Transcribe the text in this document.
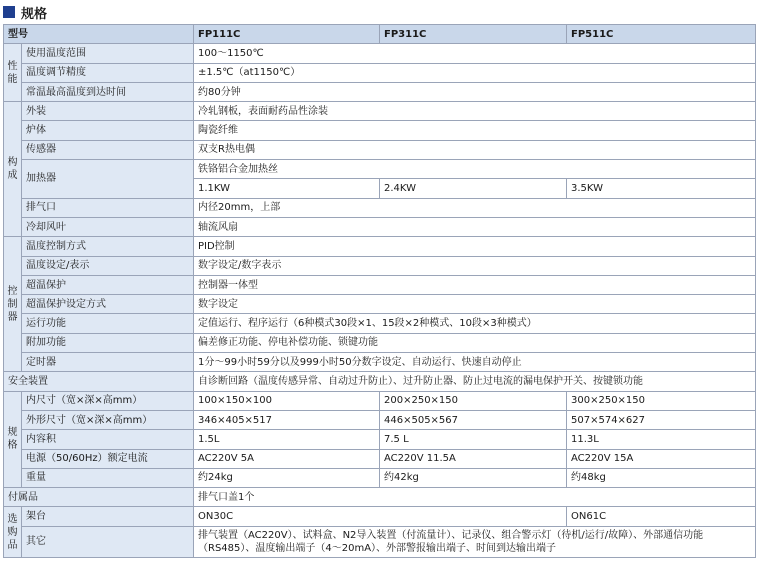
规格
型号		FP111C	FP311C	FP511C

性能	使用温度范围	100～1150℃		
	温度调节精度	±1.5℃（at1150℃）		
	常温最高温度到达时间	约80分钟		

构成	外装	冷轧钢板，表面耐药品性涂装		
	炉体	陶瓷纤维		
	传感器	双支R热电偶		
	加热器	铁铬铝合金加热丝		
		1.1KW	2.4KW	3.5KW
	排气口	内径20mm，上部		
	冷却风叶	轴流风扇		

控制器	温度控制方式	PID控制		
	温度设定/表示	数字设定/数字表示		
	超温保护	控制器一体型		
	超温保护设定方式	数字设定		
	运行功能	定值运行、程序运行（6种模式30段×1、15段×2种模式、10段×3种模式）		
	附加功能	偏差修正功能、停电补偿功能、锁键功能		
	定时器	1分～99小时59分以及999小时50分数字设定、自动运行、快速自动停止		
安全装置		自诊断回路（温度传感异常、自动过升防止）、过升防止器、防止过电流的漏电保护开关、按键锁功能		

规格	内尺寸（宽×深×高mm）	100×150×100	200×250×150	300×250×150
	外形尺寸（宽×深×高mm）	346×405×517	446×505×567	507×574×627
	内容积	1.5L	7.5 L	11.3L
	电源（50/60Hz）额定电流	AC220V 5A	AC220V 11.5A	AC220V 15A
	重量	约24kg	约42kg	约48kg
付属品		排气口盖1个		

选购品	架台	ON30C		ON61C
	其它	排气装置（AC220V）、试料盒、N2导入装置（付流量计）、记录仪、组合警示灯（待机/运行/故障）、外部通信功能（RS485）、温度输出端子（4～20mA）、外部警报输出端子、时间到达输出端子		
